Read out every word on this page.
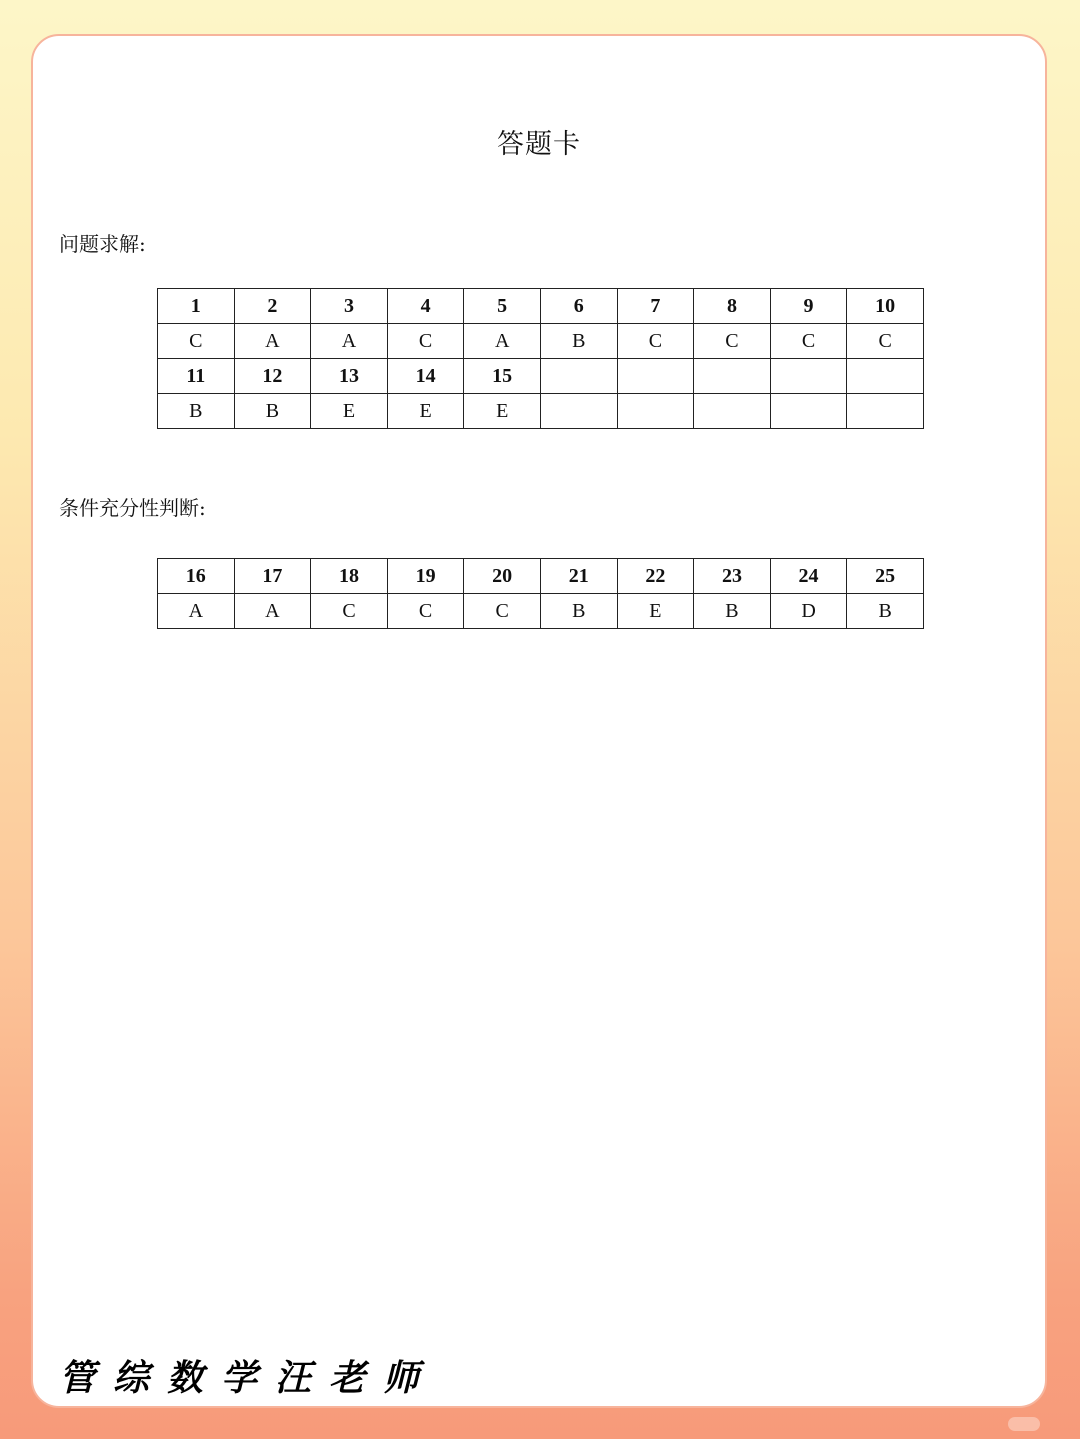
答题卡
问题求解:
1	2	3	4	5	6	7	8	9	10
C	A	A	C	A	B	C	C	C	C
11	12	13	14	15					
B	B	E	E	E					
条件充分性判断:
16	17	18	19	20	21	22	23	24	25
A	A	C	C	C	B	E	B	D	B
管综数学汪老师
